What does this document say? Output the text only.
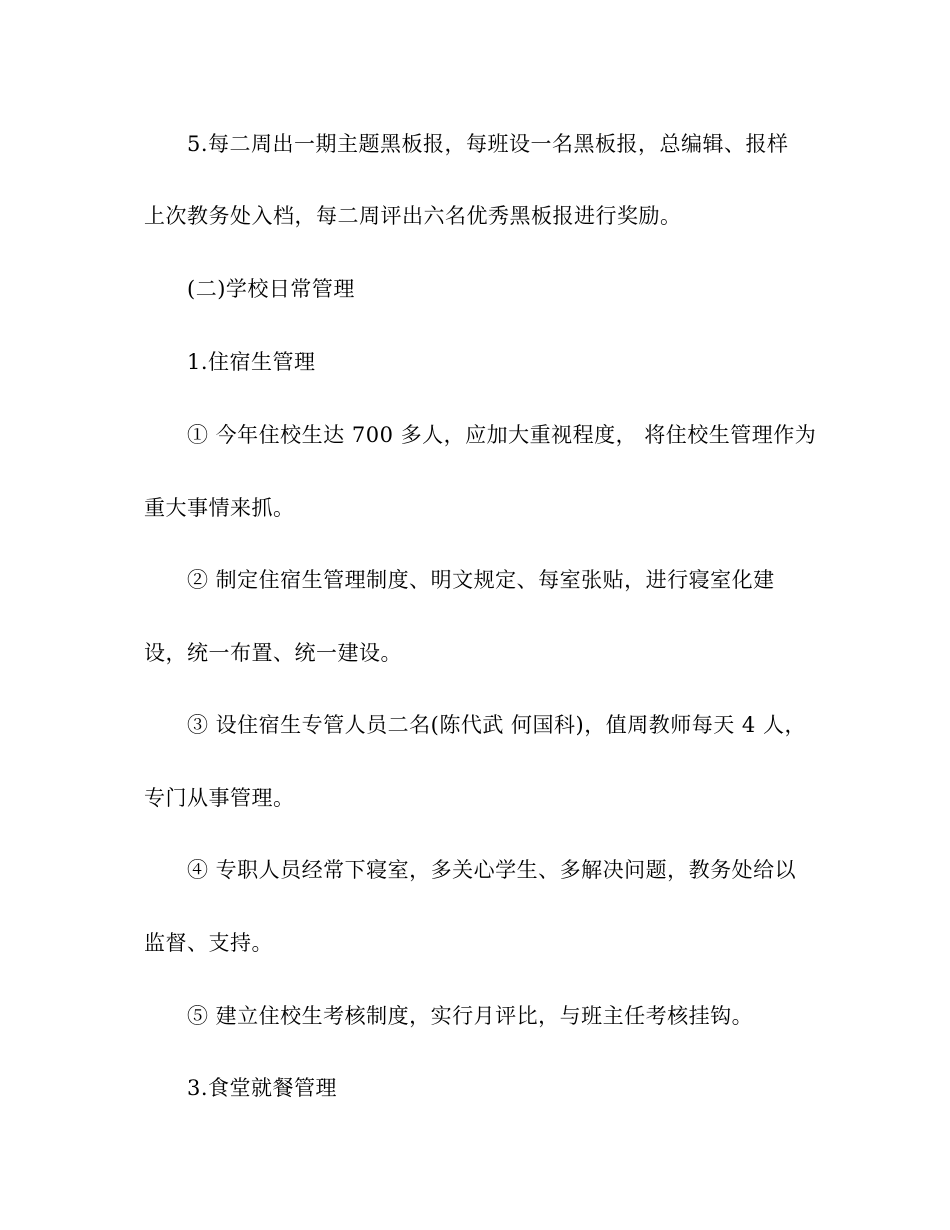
5.每二周出一期主题黑板报，每班设一名黑板报，总编辑、报样
上次教务处入档，每二周评出六名优秀黑板报进行奖励。
(二)学校日常管理
1.住宿生管理
① 今年住校生达 700 多人，应加大重视程度， 将住校生管理作为
重大事情来抓。
② 制定住宿生管理制度、明文规定、每室张贴，进行寝室化建
设，统一布置、统一建设。
③ 设住宿生专管人员二名(陈代武 何国科)，值周教师每天 4 人，
专门从事管理。
④ 专职人员经常下寝室，多关心学生、多解决问题，教务处给以
监督、支持。
⑤ 建立住校生考核制度，实行月评比，与班主任考核挂钩。
3.食堂就餐管理
